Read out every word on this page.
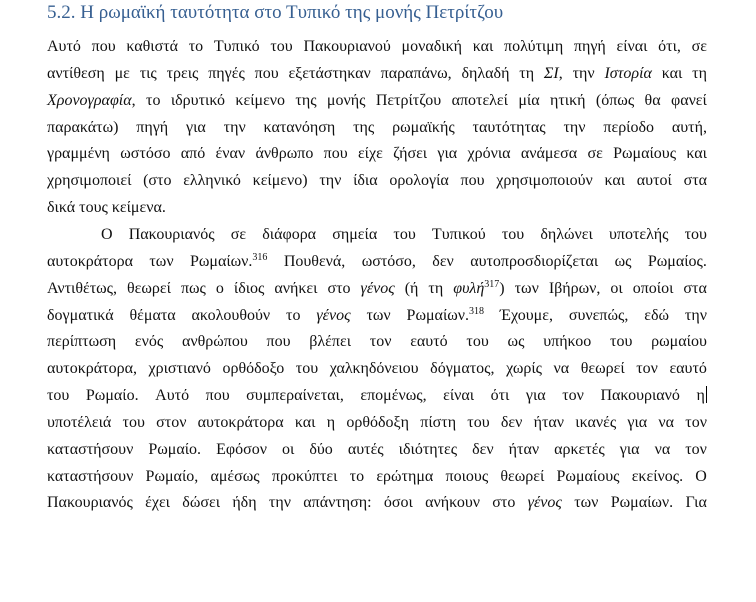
5.2. Η ρωμαϊκή ταυτότητα στο Τυπικό της μονής Πετρίτζου
Αυτό που καθιστά το Τυπικό του Πακουριανού μοναδική και πολύτιμη πηγή είναι ότι, σε
αντίθεση με τις τρεις πηγές που εξετάστηκαν παραπάνω, δηλαδή τη ΣΙ, την Ιστορία και τη
Χρονογραφία, το ιδρυτικό κείμενο της μονής Πετρίτζου αποτελεί μία ητική (όπως θα φανεί
παρακάτω) πηγή για την κατανόηση της ρωμαϊκής ταυτότητας την περίοδο αυτή,
γραμμένη ωστόσο από έναν άνθρωπο που είχε ζήσει για χρόνια ανάμεσα σε Ρωμαίους και
χρησιμοποιεί (στο ελληνικό κείμενο) την ίδια ορολογία που χρησιμοποιούν και αυτοί στα
δικά τους κείμενα.
Ο Πακουριανός σε διάφορα σημεία του Τυπικού του δηλώνει υποτελής του
αυτοκράτορα των Ρωμαίων.$^{316}$ Πουθενά, ωστόσο, δεν αυτοπροσδιορίζεται ως Ρωμαίος.
Αντιθέτως, θεωρεί πως ο ίδιος ανήκει στο γένος (ή τη φυλή$^{317}$) των Ιβήρων, οι οποίοι στα
δογματικά θέματα ακολουθούν το γένος των Ρωμαίων.$^{318}$ Έχουμε, συνεπώς, εδώ την
περίπτωση ενός ανθρώπου που βλέπει τον εαυτό του ως υπήκοο του ρωμαίου
αυτοκράτορα, χριστιανό ορθόδοξο του χαλκηδόνειου δόγματος, χωρίς να θεωρεί τον εαυτό
του Ρωμαίο. Αυτό που συμπεραίνεται, επομένως, είναι ότι για τον Πακουριανό η
υποτέλειά του στον αυτοκράτορα και η ορθόδοξη πίστη του δεν ήταν ικανές για να τον
καταστήσουν Ρωμαίο. Εφόσον οι δύο αυτές ιδιότητες δεν ήταν αρκετές για να τον
καταστήσουν Ρωμαίο, αμέσως προκύπτει το ερώτημα ποιους θεωρεί Ρωμαίους εκείνος. Ο
Πακουριανός έχει δώσει ήδη την απάντηση: όσοι ανήκουν στο γένος των Ρωμαίων. Για
